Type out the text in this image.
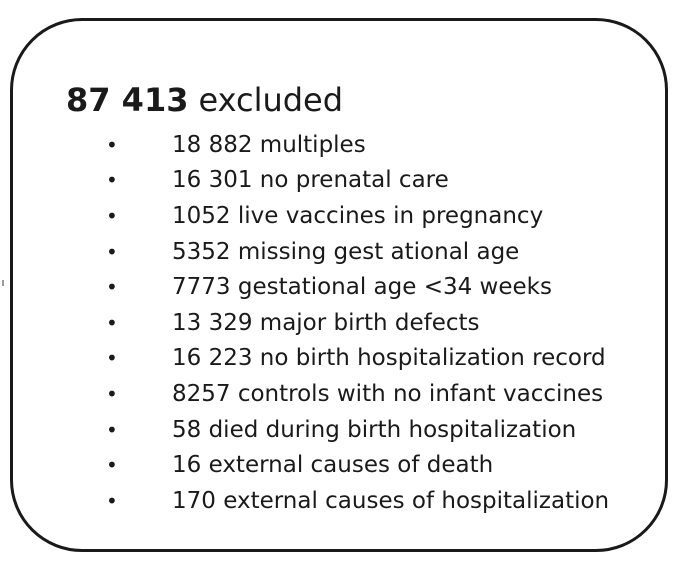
87 413 excluded
•	18 882 multiples
•	16 301 no prenatal care
•	1052 live vaccines in pregnancy
•	5352 missing gest ational age
•	7773 gestational age <34 weeks
•	13 329 major birth defects
•	16 223 no birth hospitalization record
•	8257 controls with no infant vaccines
•	58 died during birth hospitalization
•	16 external causes of death
•	170 external causes of hospitalization
